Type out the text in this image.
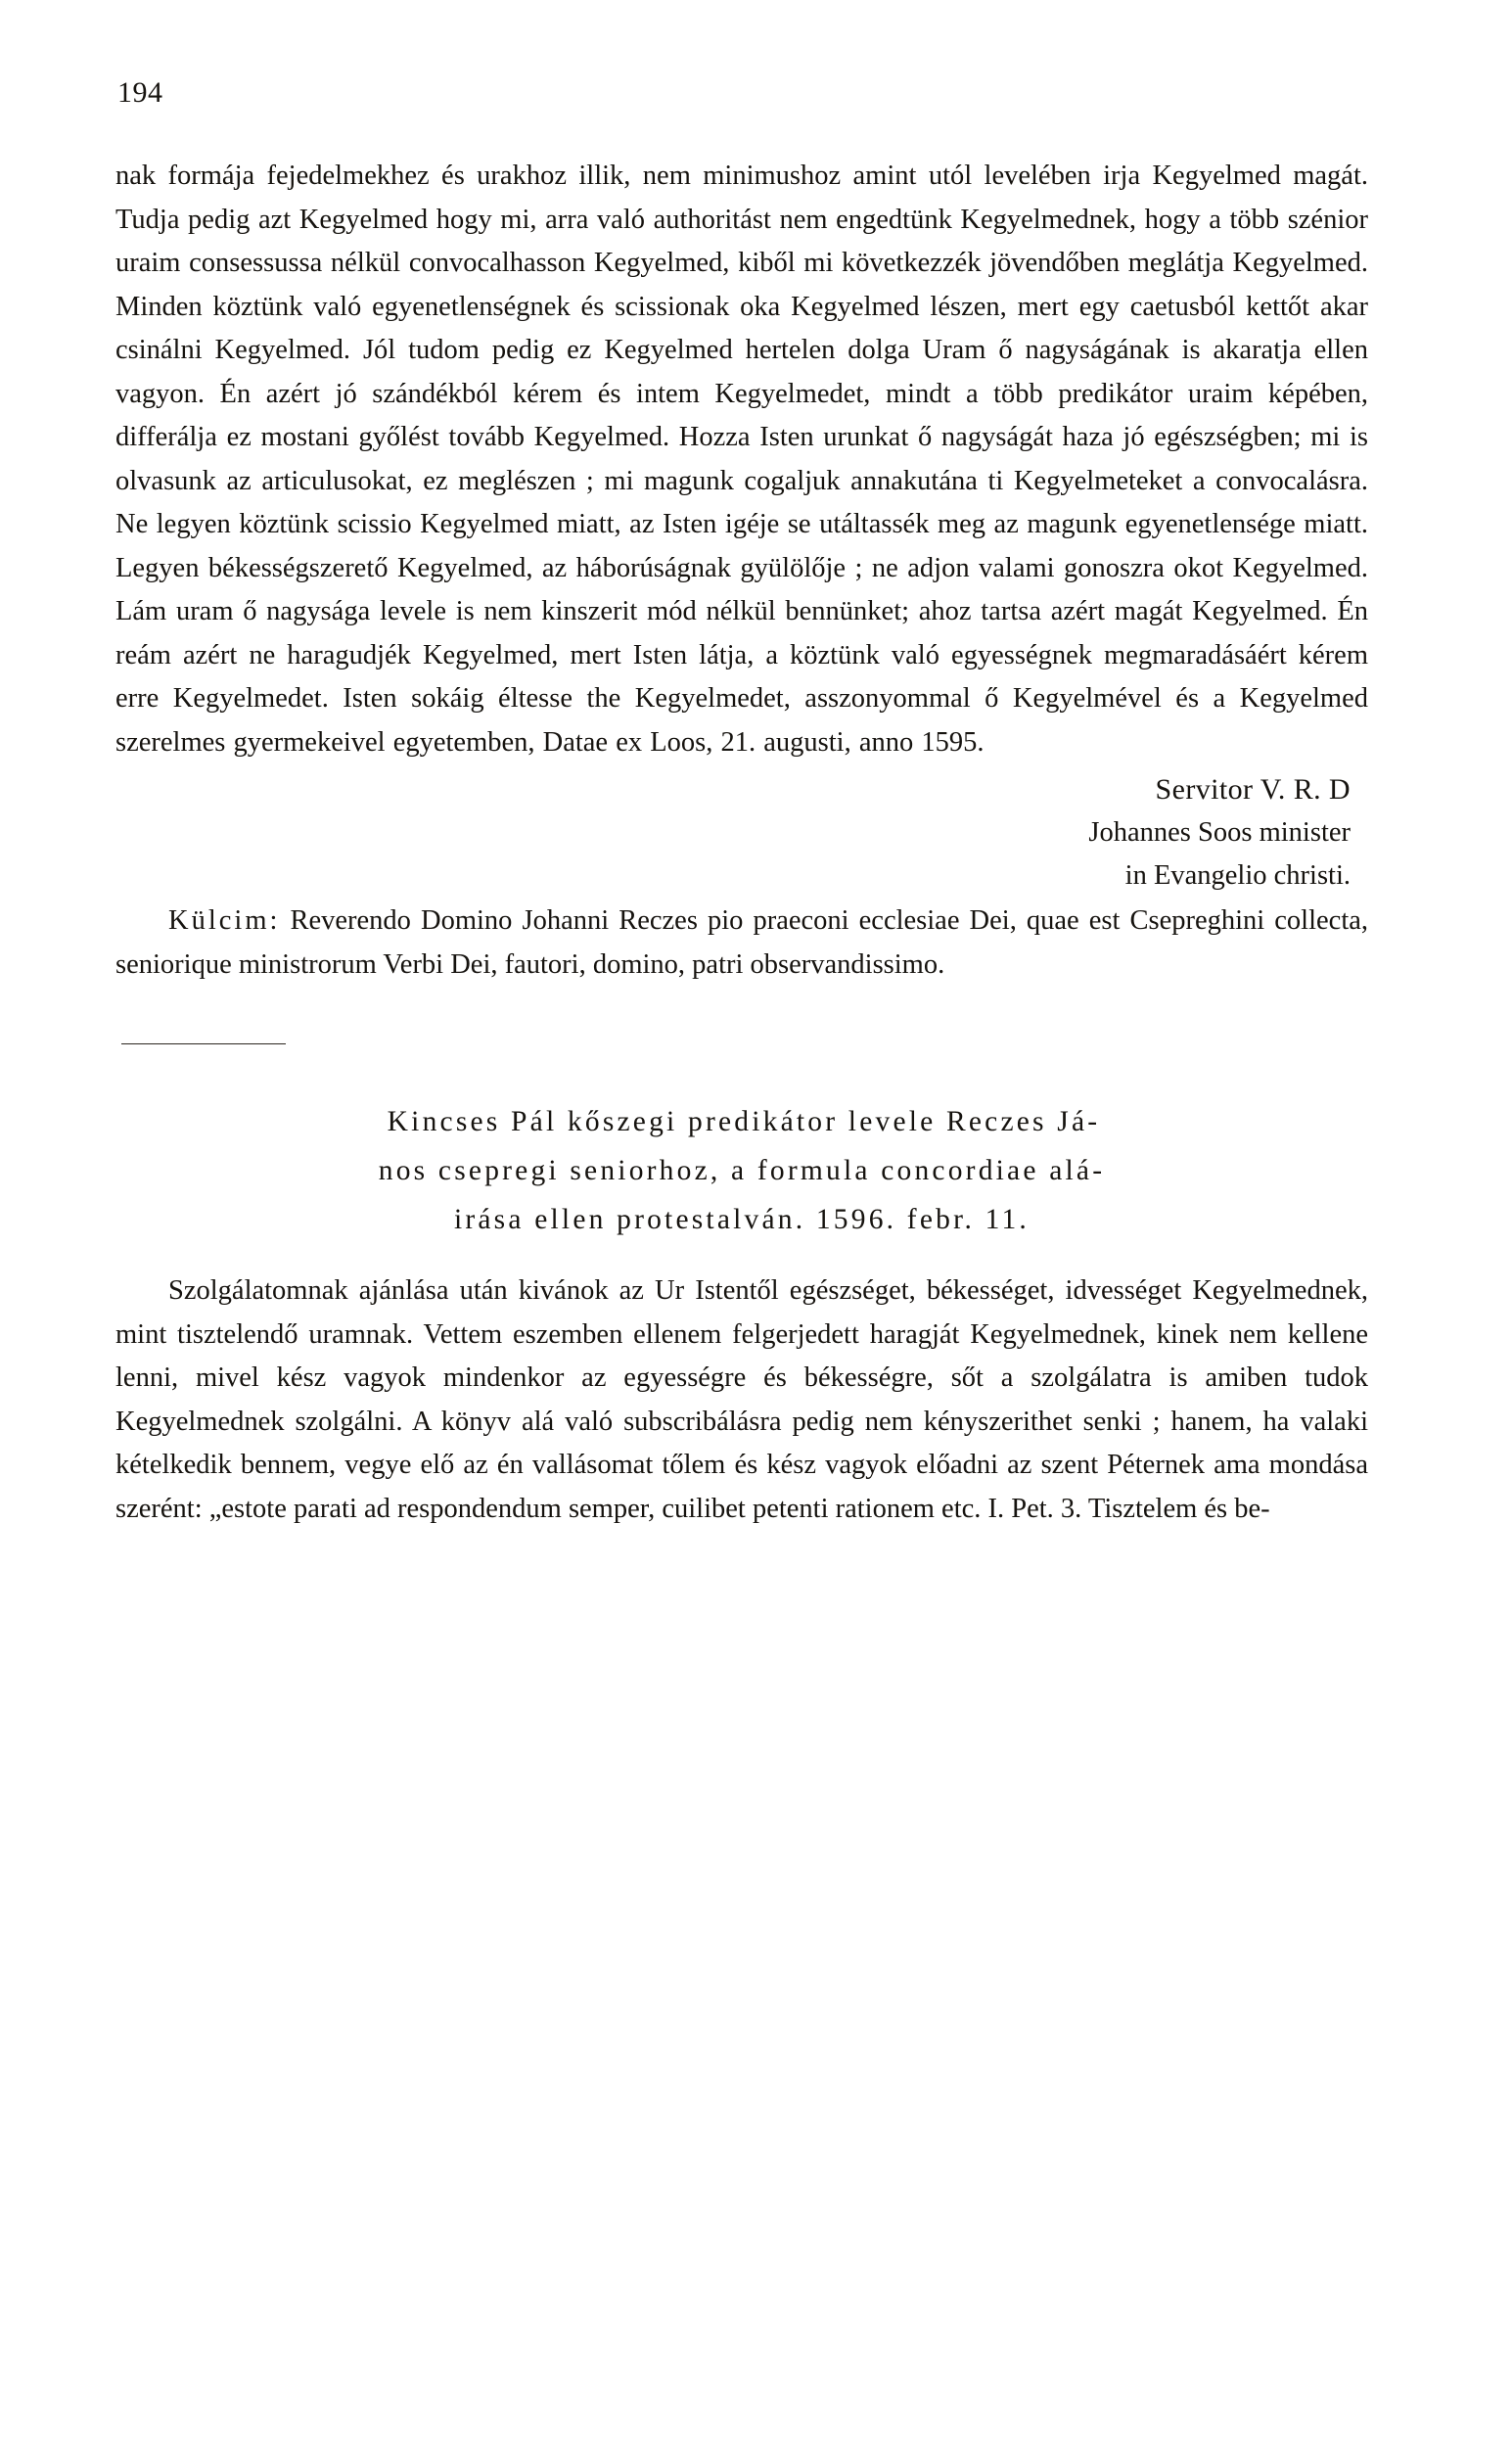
194

nak formája fejedelmekhez és urakhoz illik, nem minimushoz amint utól levelében irja Kegyelmed magát. Tudja pedig azt Kegyelmed hogy mi, arra való authoritást nem engedtünk Kegyelmednek, hogy a több szénior uraim consessussa nélkül convocalhasson Kegyelmed, kiből mi következzék jövendőben meglátja Kegyelmed. Minden köztünk való egyenetlenségnek és scissionak oka Kegyelmed lészen, mert egy caetusból kettőt akar csinálni Kegyelmed. Jól tudom pedig ez Kegyelmed hertelen dolga Uram ő nagyságának is akaratja ellen vagyon. Én azért jó szándékból kérem és intem Kegyelmedet, mindt a több predikátor uraim képében, differálja ez mostani győlést tovább Kegyelmed. Hozza Isten urunkat ő nagyságát haza jó egészségben; mi is olvasunk az articulusokat, ez meglészen ; mi magunk cogaljuk annakutána ti Kegyelmeteket a convocalásra. Ne legyen köztünk scissio Kegyelmed miatt, az Isten igéje se utáltassék meg az magunk egyenetlensége miatt. Legyen békességszerető Kegyelmed, az háborúságnak gyülölője ; ne adjon valami gonoszra okot Kegyelmed. Lám uram ő nagysága levele is nem kinszerit mód nélkül bennünket; ahoz tartsa azért magát Kegyelmed. Én reám azért ne haragudjék Kegyelmed, mert Isten látja, a köztünk való egyességnek megmaradásáért kérem erre Kegyelmedet. Isten sokáig éltesse the Kegyelmedet, asszonyommal ő Kegyelmével és a Kegyelmed szerelmes gyermekeivel egyetemben, Datae ex Loos, 21. augusti, anno 1595.

Servitor V. R. D
Johannes Soos minister
in Evangelio christi.

Külcim: Reverendo Domino Johanni Reczes pio praeconi ecclesiae Dei, quae est Csepreghini collecta, seniorique ministrorum Verbi Dei, fautori, domino, patri observandissimo.

Kincses Pál kőszegi predikátor levele Reczes Já-
nos csepregi seniorhoz, a formula concordiae alá-
irása ellen protestalván. 1596. febr. 11.

Szolgálatomnak ajánlása után kivánok az Ur Istentől egészséget, békességet, idvességet Kegyelmednek, mint tisztelendő uramnak. Vettem eszemben ellenem felgerjedett haragját Kegyelmednek, kinek nem kellene lenni, mivel kész vagyok mindenkor az egyességre és békességre, sőt a szolgálatra is amiben tudok Kegyelmednek szolgálni. A könyv alá való subscribálásra pedig nem kényszerithet senki ; hanem, ha valaki kételkedik bennem, vegye elő az én vallásomat tőlem és kész vagyok előadni az szent Péternek ama mondása szerént: „estote parati ad respondendum semper, cuilibet petenti rationem etc. I. Pet. 3. Tisztelem és be-
